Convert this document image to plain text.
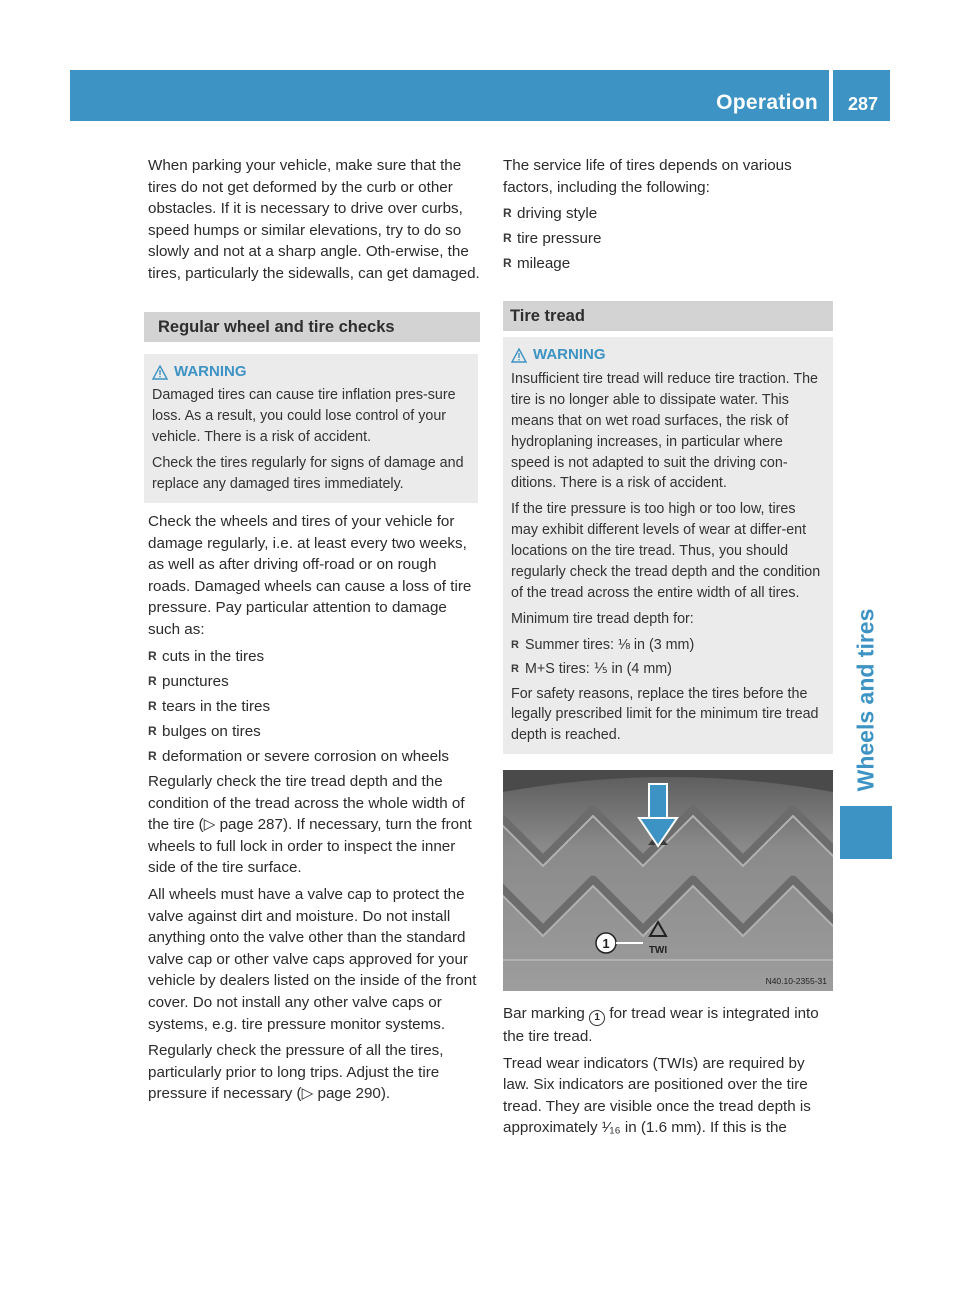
Operation	287
Wheels and tires

When parking your vehicle, make sure that the tires do not get deformed by the curb or other obstacles. If it is necessary to drive over curbs, speed humps or similar elevations, try to do so slowly and not at a sharp angle. Oth-erwise, the tires, particularly the sidewalls, can get damaged.

Regular wheel and tire checks
WARNING

Damaged tires can cause tire inflation pres-sure loss. As a result, you could lose control of your vehicle. There is a risk of accident.

Check the tires regularly for signs of damage and replace any damaged tires immediately.

Check the wheels and tires of your vehicle for damage regularly, i.e. at least every two weeks, as well as after driving off-road or on rough roads. Damaged wheels can cause a loss of tire pressure. Pay particular attention to damage such as:

R cuts in the tires
R punctures
R tears in the tires
R bulges on tires
R deformation or severe corrosion on wheels

Regularly check the tire tread depth and the condition of the tread across the whole width of the tire (▷ page 287). If necessary, turn the front wheels to full lock in order to inspect the inner side of the tire surface.

All wheels must have a valve cap to protect the valve against dirt and moisture. Do not install anything onto the valve other than the standard valve cap or other valve caps approved for your vehicle by dealers listed on the inside of the front cover. Do not install any other valve caps or systems, e.g. tire pressure monitor systems.

Regularly check the pressure of all the tires, particularly prior to long trips. Adjust the tire pressure if necessary (▷ page 290).

The service life of tires depends on various factors, including the following:

R driving style
R tire pressure
R mileage
Tire tread
WARNING

Insufficient tire tread will reduce tire traction. The tire is no longer able to dissipate water. This means that on wet road surfaces, the risk of hydroplaning increases, in particular where speed is not adapted to suit the driving con-ditions. There is a risk of accident.

If the tire pressure is too high or too low, tires may exhibit different levels of wear at differ-ent locations on the tire tread. Thus, you should regularly check the tread depth and the condition of the tread across the entire width of all tires.

Minimum tire tread depth for:

R Summer tires: ⅛ in (3 mm)
R M+S tires: ⅕ in (4 mm)

For safety reasons, replace the tires before the legally prescribed limit for the minimum tire tread depth is reached.

1	TWI
N40.10-2355-31

Bar marking 1 for tread wear is integrated into the tire tread.

Tread wear indicators (TWIs) are required by law. Six indicators are positioned over the tire tread. They are visible once the tread depth is approximately ¹⁄₁₆ in (1.6 mm). If this is the
